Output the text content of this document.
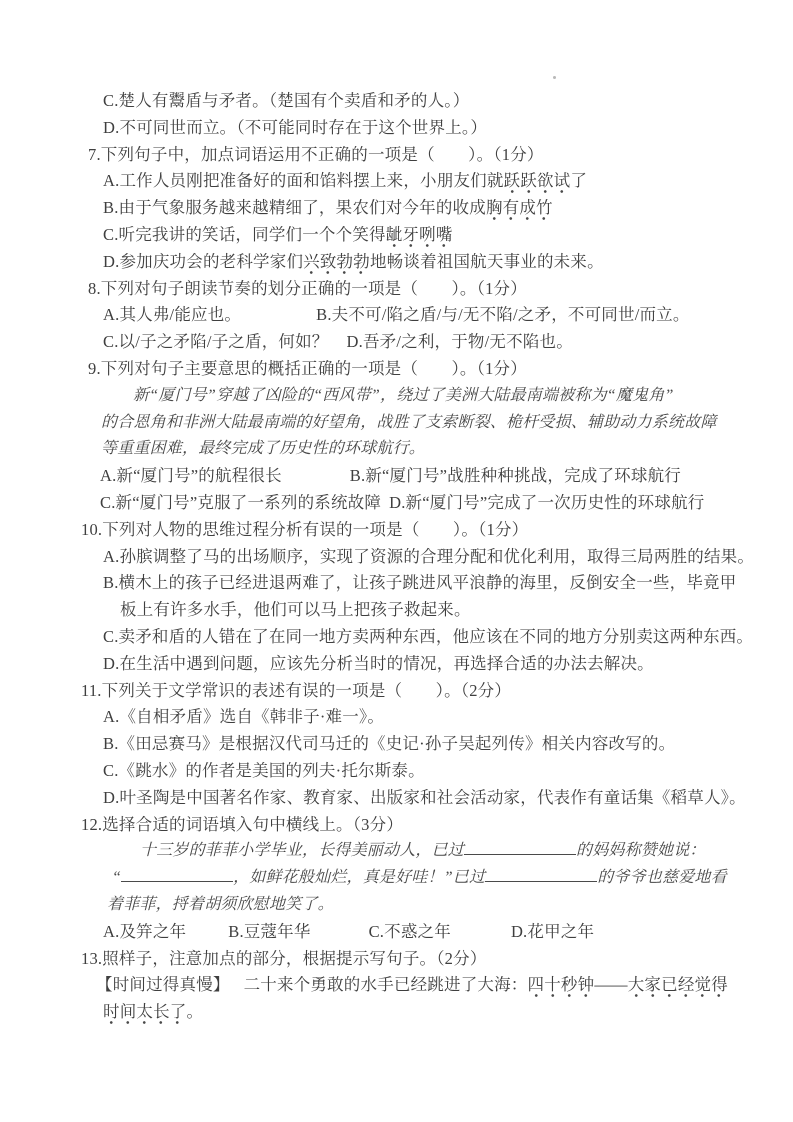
C.楚人有鬻盾与矛者。（楚国有个卖盾和矛的人。）
D.不可同世而立。（不可能同时存在于这个世界上。）
7.下列句子中，加点词语运用不正确的一项是（　　）。（1分）
A.工作人员刚把准备好的面和馅料摆上来，小朋友们就跃跃欲试了
B.由于气象服务越来越精细了，果农们对今年的收成胸有成竹
C.听完我讲的笑话，同学们一个个笑得龇牙咧嘴
D.参加庆功会的老科学家们兴致勃勃地畅谈着祖国航天事业的未来。
8.下列对句子朗读节奏的划分正确的一项是（　　）。（1分）
A.其人弗/能应也。	B.夫不可/陷之盾/与/无不陷/之矛，不可同世/而立。
C.以/子之矛陷/子之盾，何如？ D.吾矛/之利，于物/无不陷也。
9.下列对句子主要意思的概括正确的一项是（　　）。（1分）
新“厦门号”穿越了凶险的“西风带”，绕过了美洲大陆最南端被称为“魔鬼角”
的合恩角和非洲大陆最南端的好望角，战胜了支索断裂、桅杆受损、辅助动力系统故障
等重重困难，最终完成了历史性的环球航行。
A.新“厦门号”的航程很长	B.新“厦门号”战胜种种挑战，完成了环球航行
C.新“厦门号”克服了一系列的系统故障 D.新“厦门号”完成了一次历史性的环球航行
10.下列对人物的思维过程分析有误的一项是（　　）。（1分）
A.孙膑调整了马的出场顺序，实现了资源的合理分配和优化利用，取得三局两胜的结果。
B.横木上的孩子已经进退两难了，让孩子跳进风平浪静的海里，反倒安全一些，毕竟甲
板上有许多水手，他们可以马上把孩子救起来。
C.卖矛和盾的人错在了在同一地方卖两种东西，他应该在不同的地方分别卖这两种东西。
D.在生活中遇到问题，应该先分析当时的情况，再选择合适的办法去解决。
11.下列关于文学常识的表述有误的一项是（　　）。（2分）
A.《自相矛盾》选自《韩非子·难一》。
B.《田忌赛马》是根据汉代司马迁的《史记·孙子吴起列传》相关内容改写的。
C.《跳水》的作者是美国的列夫·托尔斯泰。
D.叶圣陶是中国著名作家、教育家、出版家和社会活动家，代表作有童话集《稻草人》。
12.选择合适的词语填入句中横线上。（3分）
十三岁的菲菲小学毕业，长得美丽动人，已过	的妈妈称赞她说：
“	，如鲜花般灿烂，真是好哇！”已过	的爷爷也慈爱地看
着菲菲，捋着胡须欣慰地笑了。
A.及笄之年	B.豆蔻年华	C.不惑之年	D.花甲之年
13.照样子，注意加点的部分，根据提示写句子。（2分）
【时间过得真慢】 二十来个勇敢的水手已经跳进了大海：四十秒钟——大家已经觉得
时间太长了。
